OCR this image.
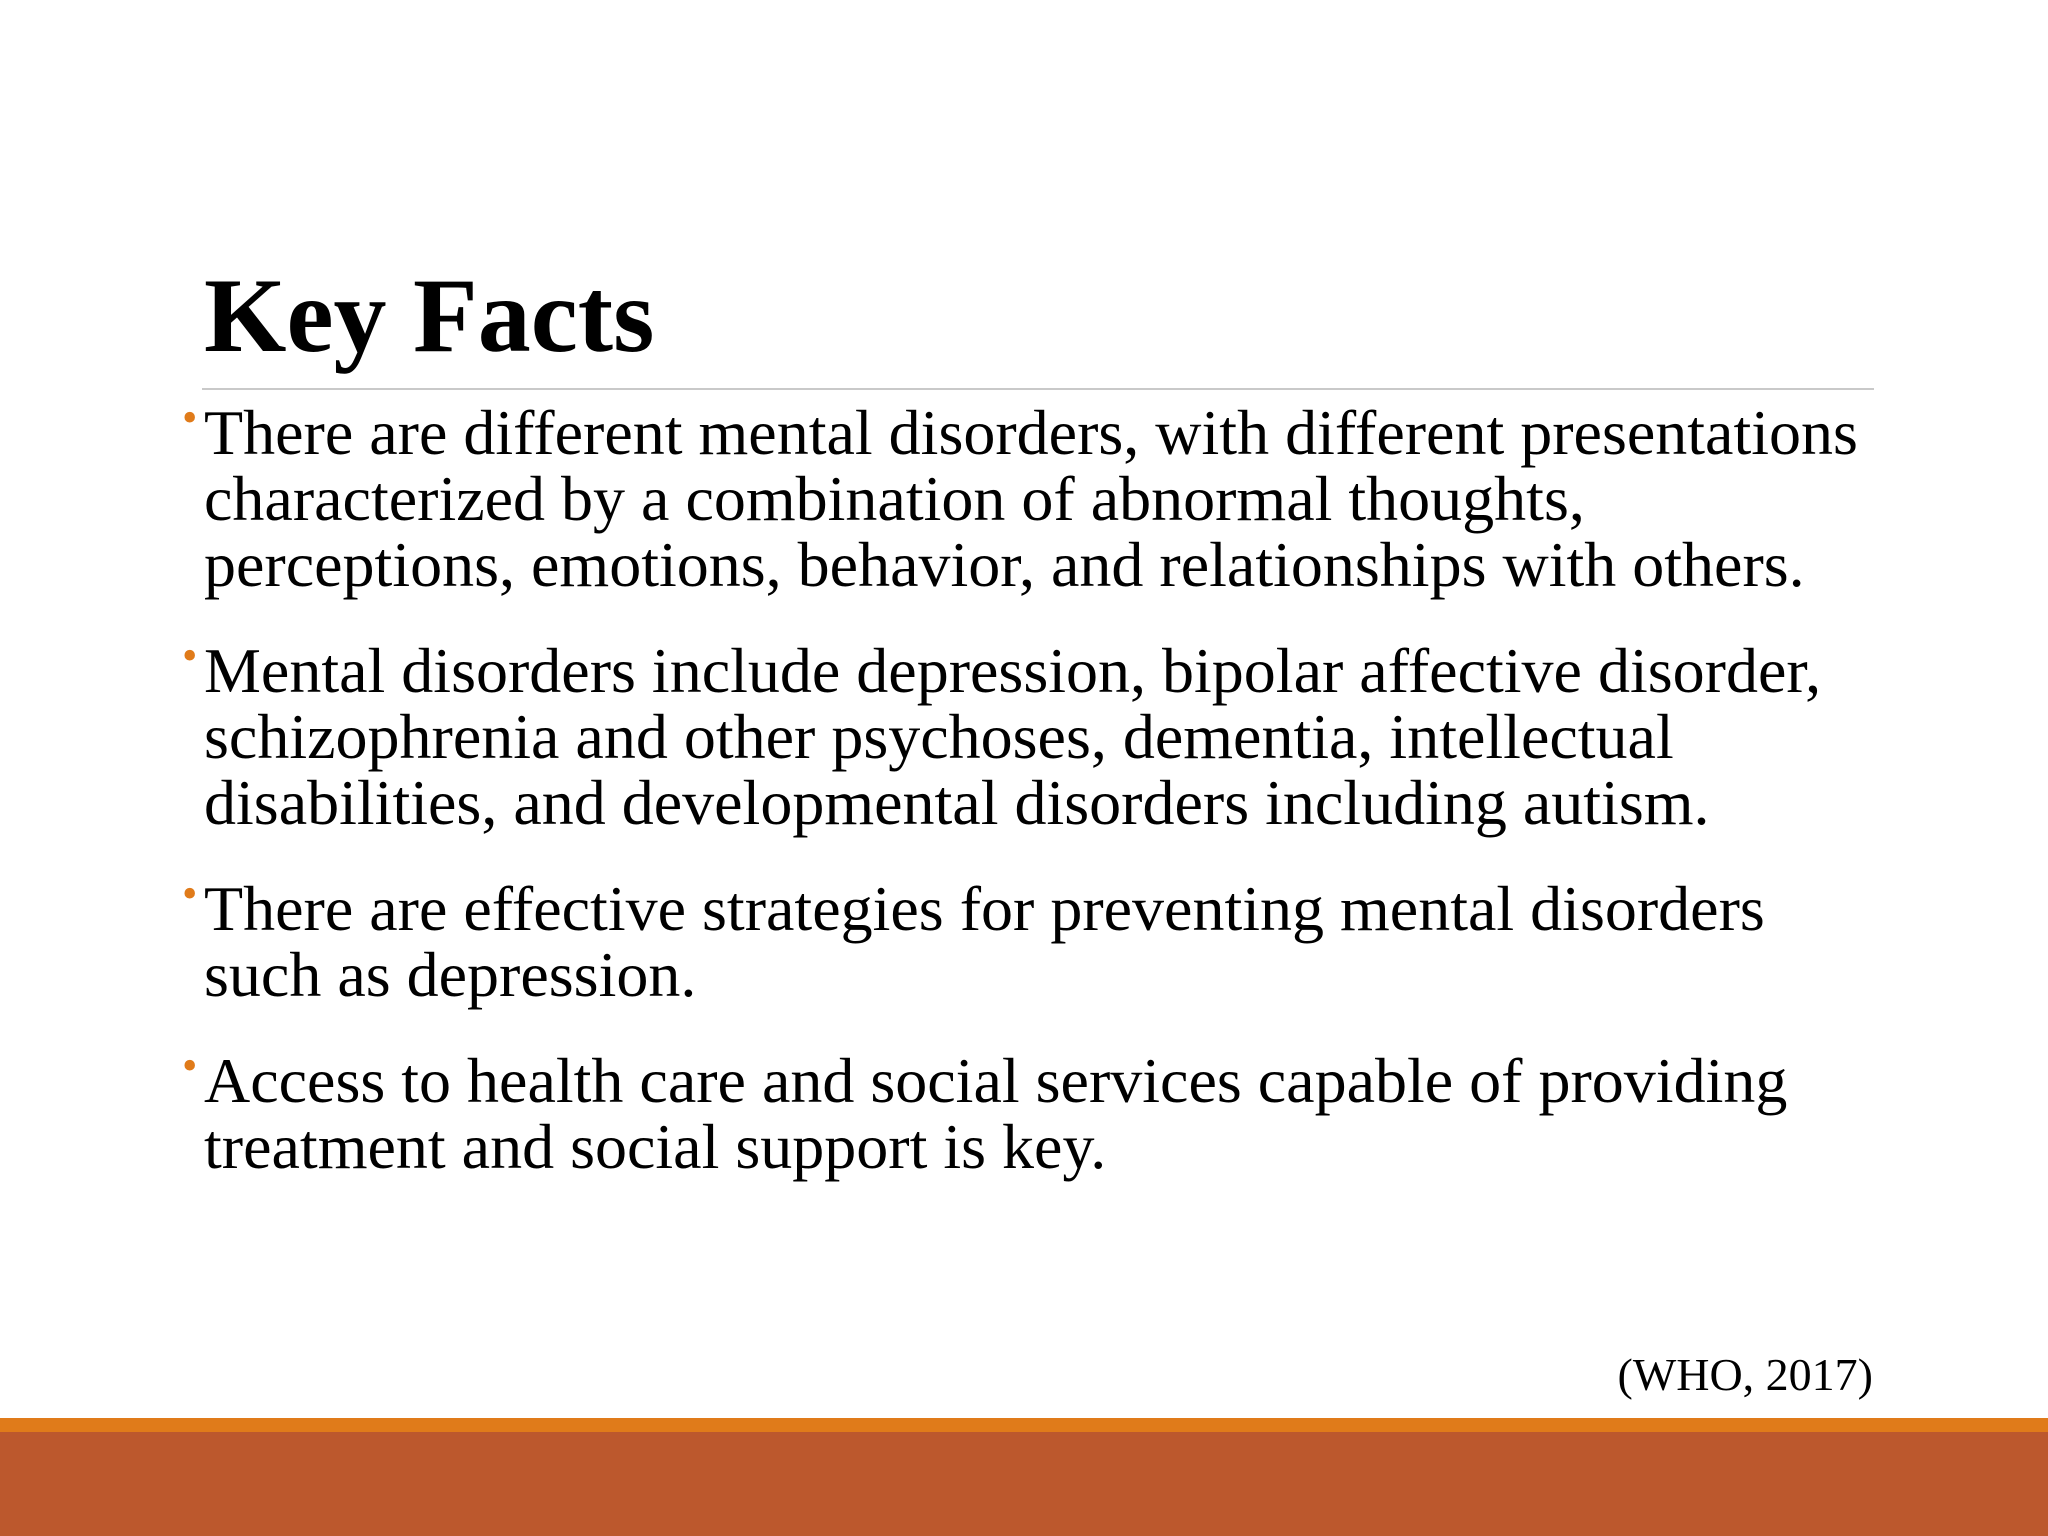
Key Facts
• There are different mental disorders, with different presentations characterized by a combination of abnormal thoughts, perceptions, emotions, behavior, and relationships with others.
• Mental disorders include depression, bipolar affective disorder, schizophrenia and other psychoses, dementia, intellectual disabilities, and developmental disorders including autism.
• There are effective strategies for preventing mental disorders such as depression.
• Access to health care and social services capable of providing treatment and social support is key.
(WHO, 2017)
